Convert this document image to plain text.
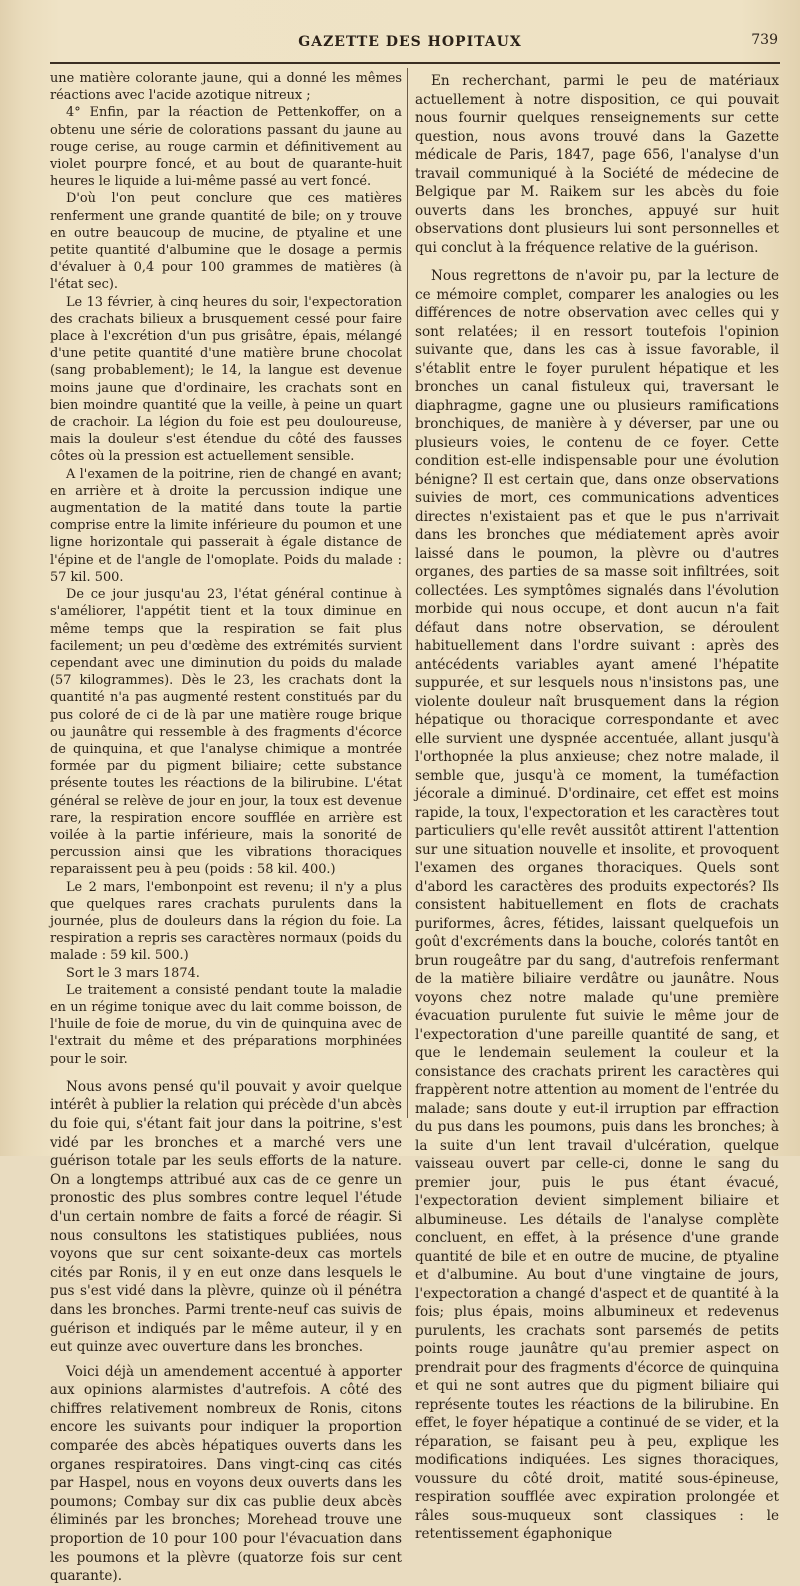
GAZETTE DES HOPITAUX	739

une matière colorante jaune, qui a donné les mêmes réactions avec l'acide azotique nitreux ;

4° Enfin, par la réaction de Pettenkoffer, on a obtenu une série de colorations passant du jaune au rouge cerise, au rouge carmin et définitivement au violet pourpre foncé, et au bout de quarante-huit heures le liquide a lui-même passé au vert foncé.

D'où l'on peut conclure que ces matières renferment une grande quantité de bile; on y trouve en outre beaucoup de mucine, de ptyaline et une petite quantité d'albumine que le dosage a permis d'évaluer à 0,4 pour 100 grammes de matières (à l'état sec).

Le 13 février, à cinq heures du soir, l'expectoration des crachats bilieux a brusquement cessé pour faire place à l'excrétion d'un pus grisâtre, épais, mélangé d'une petite quantité d'une matière brune chocolat (sang probablement); le 14, la langue est devenue moins jaune que d'ordinaire, les crachats sont en bien moindre quantité que la veille, à peine un quart de crachoir. La légion du foie est peu douloureuse, mais la douleur s'est étendue du côté des fausses côtes où la pression est actuellement sensible.

A l'examen de la poitrine, rien de changé en avant; en arrière et à droite la percussion indique une augmentation de la matité dans toute la partie comprise entre la limite inférieure du poumon et une ligne horizontale qui passerait à égale distance de l'épine et de l'angle de l'omoplate. Poids du malade : 57 kil. 500.

De ce jour jusqu'au 23, l'état général continue à s'améliorer, l'appétit tient et la toux diminue en même temps que la respiration se fait plus facilement; un peu d'œdème des extrémités survient cependant avec une diminution du poids du malade (57 kilogrammes). Dès le 23, les crachats dont la quantité n'a pas augmenté restent constitués par du pus coloré de ci de là par une matière rouge brique ou jaunâtre qui ressemble à des fragments d'écorce de quinquina, et que l'analyse chimique a montrée formée par du pigment biliaire; cette substance présente toutes les réactions de la bilirubine. L'état général se relève de jour en jour, la toux est devenue rare, la respiration encore soufflée en arrière est voilée à la partie inférieure, mais la sonorité de percussion ainsi que les vibrations thoraciques reparaissent peu à peu (poids : 58 kil. 400.)

Le 2 mars, l'embonpoint est revenu; il n'y a plus que quelques rares crachats purulents dans la journée, plus de douleurs dans la région du foie. La respiration a repris ses caractères normaux (poids du malade : 59 kil. 500.)

Sort le 3 mars 1874.

Le traitement a consisté pendant toute la maladie en un régime tonique avec du lait comme boisson, de l'huile de foie de morue, du vin de quinquina avec de l'extrait du même et des préparations morphinées pour le soir.

Nous avons pensé qu'il pouvait y avoir quelque intérêt à publier la relation qui précède d'un abcès du foie qui, s'étant fait jour dans la poitrine, s'est vidé par les bronches et a marché vers une guérison totale par les seuls efforts de la nature. On a longtemps attribué aux cas de ce genre un pronostic des plus sombres contre lequel l'étude d'un certain nombre de faits a forcé de réagir. Si nous consultons les statistiques publiées, nous voyons que sur cent soixante-deux cas mortels cités par Ronis, il y en eut onze dans lesquels le pus s'est vidé dans la plèvre, quinze où il pénétra dans les bronches. Parmi trente-neuf cas suivis de guérison et indiqués par le même auteur, il y en eut quinze avec ouverture dans les bronches.

Voici déjà un amendement accentué à apporter aux opinions alarmistes d'autrefois. A côté des chiffres relativement nombreux de Ronis, citons encore les suivants pour indiquer la proportion comparée des abcès hépatiques ouverts dans les organes respiratoires. Dans vingt-cinq cas cités par Haspel, nous en voyons deux ouverts dans les poumons; Combay sur dix cas publie deux abcès éliminés par les bronches; Morehead trouve une proportion de 10 pour 100 pour l'évacuation dans les poumons et la plèvre (quatorze fois sur cent quarante).

En recherchant, parmi le peu de matériaux actuellement à notre disposition, ce qui pouvait nous fournir quelques renseignements sur cette question, nous avons trouvé dans la Gazette médicale de Paris, 1847, page 656, l'analyse d'un travail communiqué à la Société de médecine de Belgique par M. Raikem sur les abcès du foie ouverts dans les bronches, appuyé sur huit observations dont plusieurs lui sont personnelles et qui conclut à la fréquence relative de la guérison.

Nous regrettons de n'avoir pu, par la lecture de ce mémoire complet, comparer les analogies ou les différences de notre observation avec celles qui y sont relatées; il en ressort toutefois l'opinion suivante que, dans les cas à issue favorable, il s'établit entre le foyer purulent hépatique et les bronches un canal fistuleux qui, traversant le diaphragme, gagne une ou plusieurs ramifications bronchiques, de manière à y déverser, par une ou plusieurs voies, le contenu de ce foyer. Cette condition est-elle indispensable pour une évolution bénigne? Il est certain que, dans onze observations suivies de mort, ces communications adventices directes n'existaient pas et que le pus n'arrivait dans les bronches que médiatement après avoir laissé dans le poumon, la plèvre ou d'autres organes, des parties de sa masse soit infiltrées, soit collectées. Les symptômes signalés dans l'évolution morbide qui nous occupe, et dont aucun n'a fait défaut dans notre observation, se déroulent habituellement dans l'ordre suivant : après des antécédents variables ayant amené l'hépatite suppurée, et sur lesquels nous n'insistons pas, une violente douleur naît brusquement dans la région hépatique ou thoracique correspondante et avec elle survient une dyspnée accentuée, allant jusqu'à l'orthopnée la plus anxieuse; chez notre malade, il semble que, jusqu'à ce moment, la tuméfaction jécorale a diminué. D'ordinaire, cet effet est moins rapide, la toux, l'expectoration et les caractères tout particuliers qu'elle revêt aussitôt attirent l'attention sur une situation nouvelle et insolite, et provoquent l'examen des organes thoraciques. Quels sont d'abord les caractères des produits expectorés? Ils consistent habituellement en flots de crachats puriformes, âcres, fétides, laissant quelquefois un goût d'excréments dans la bouche, colorés tantôt en brun rougeâtre par du sang, d'autrefois renfermant de la matière biliaire verdâtre ou jaunâtre. Nous voyons chez notre malade qu'une première évacuation purulente fut suivie le même jour de l'expectoration d'une pareille quantité de sang, et que le lendemain seulement la couleur et la consistance des crachats prirent les caractères qui frappèrent notre attention au moment de l'entrée du malade; sans doute y eut-il irruption par effraction du pus dans les poumons, puis dans les bronches; à la suite d'un lent travail d'ulcération, quelque vaisseau ouvert par celle-ci, donne le sang du premier jour, puis le pus étant évacué, l'expectoration devient simplement biliaire et albumineuse. Les détails de l'analyse complète concluent, en effet, à la présence d'une grande quantité de bile et en outre de mucine, de ptyaline et d'albumine. Au bout d'une vingtaine de jours, l'expectoration a changé d'aspect et de quantité à la fois; plus épais, moins albumineux et redevenus purulents, les crachats sont parsemés de petits points rouge jaunâtre qu'au premier aspect on prendrait pour des fragments d'écorce de quinquina et qui ne sont autres que du pigment biliaire qui représente toutes les réactions de la bilirubine. En effet, le foyer hépatique a continué de se vider, et la réparation, se faisant peu à peu, explique les modifications indiquées. Les signes thoraciques, voussure du côté droit, matité sous-épineuse, respiration soufflée avec expiration prolongée et râles sous-muqueux sont classiques : le retentissement égaphonique
